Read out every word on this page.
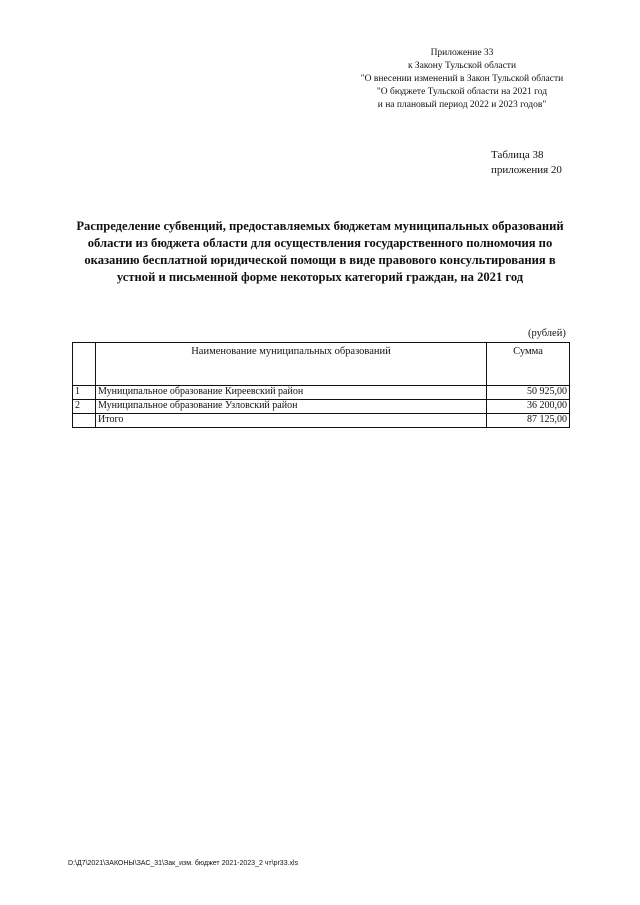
Приложение 33
к Закону Тульской области
"О внесении изменений в Закон Тульской области
"О бюджете Тульской области на 2021 год
и на плановый период 2022 и 2023 годов"
Таблица 38
приложения 20
Распределение субвенций, предоставляемых бюджетам муниципальных образований
области из бюджета области для осуществления государственного полномочия по
оказанию бесплатной юридической помощи в виде правового консультирования в
устной и письменной форме некоторых категорий граждан, на 2021 год
(рублей)
	Наименование муниципальных образований	Сумма
1	Муниципальное образование Киреевский район	50 925,00
2	Муниципальное образование Узловский район	36 200,00
	Итого	87 125,00
D:\Д7\2021\ЗАКОНЫ\ЗАС_31\Зак_изм. бюджет 2021-2023_2 чт\pr33.xls
